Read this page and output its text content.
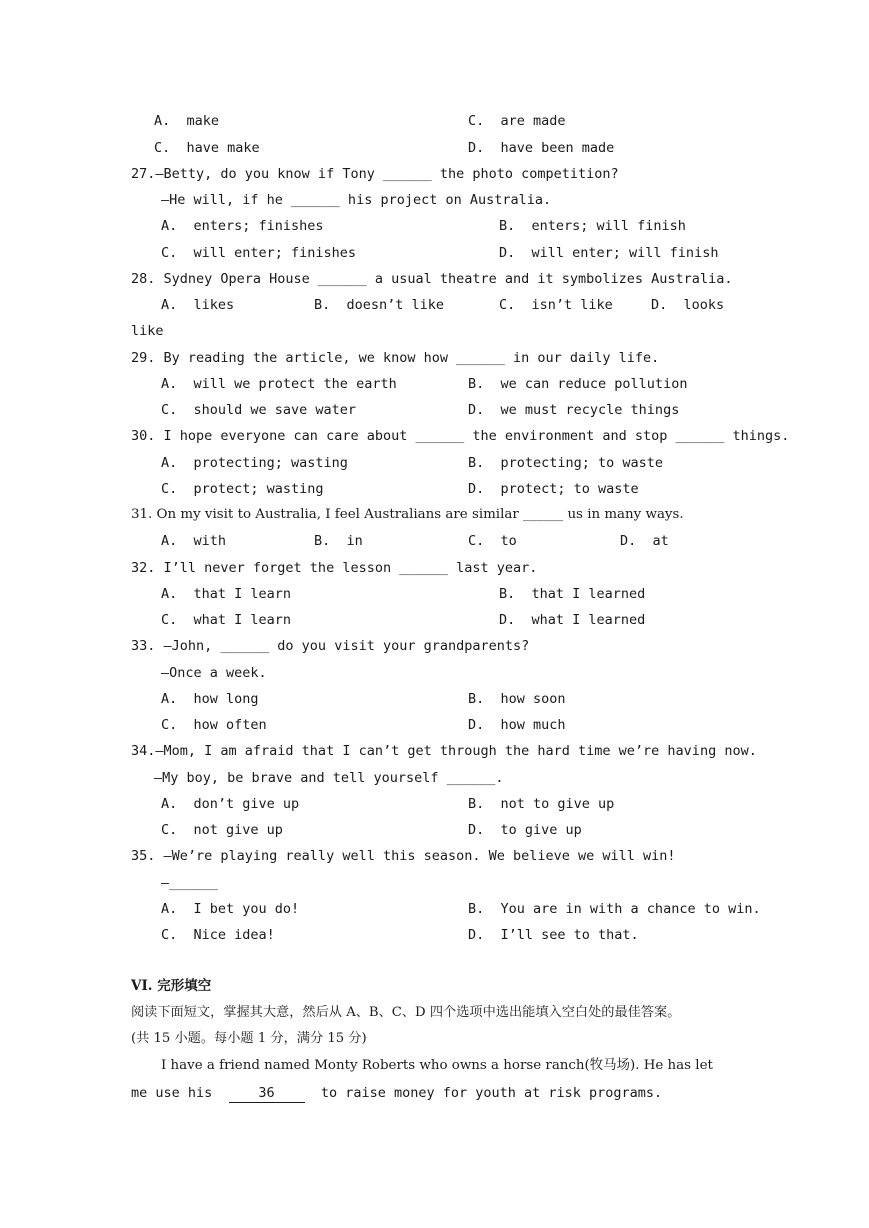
A.  make	C.  are made
C.  have make	D.  have been made
27.—Betty, do you know if Tony ______ the photo competition?
—He will, if he ______ his project on Australia.
A.  enters; finishes	B.  enters; will finish
C.  will enter; finishes	D.  will enter; will finish
28. Sydney Opera House ______ a usual theatre and it symbolizes Australia.
A.  likes	B.  doesn’t like	C.  isn’t like	D.  looks
like
29. By reading the article, we know how ______ in our daily life.
A.  will we protect the earth	B.  we can reduce pollution
C.  should we save water	D.  we must recycle things
30. I hope everyone can care about ______ the environment and stop ______ things.
A.  protecting; wasting	B.  protecting; to waste
C.  protect; wasting	D.  protect; to waste
31. On my visit to Australia, I feel Australians are similar ______ us in many ways.
A.  with	B.  in	C.  to	D.  at
32. I’ll never forget the lesson ______ last year.
A.  that I learn	B.  that I learned
C.  what I learn	D.  what I learned
33. —John, ______ do you visit your grandparents?
—Once a week.
A.  how long	B.  how soon
C.  how often	D.  how much
34.—Mom, I am afraid that I can’t get through the hard time we’re having now.
—My boy, be brave and tell yourself ______.
A.  don’t give up	B.  not to give up
C.  not give up	D.  to give up
35. —We’re playing really well this season. We believe we will win!
—______
A.  I bet you do!	B.  You are in with a chance to win.
C.  Nice idea!	D.  I’ll see to that.
VI. 完形填空
阅读下面短文，掌握其大意，然后从 A、B、C、D 四个选项中选出能填入空白处的最佳答案。
(共 15 小题。每小题 1 分，满分 15 分)
I have a friend named Monty Roberts who owns a horse ranch(牧马场). He has let
me use his	36	to raise money for youth at risk programs.
